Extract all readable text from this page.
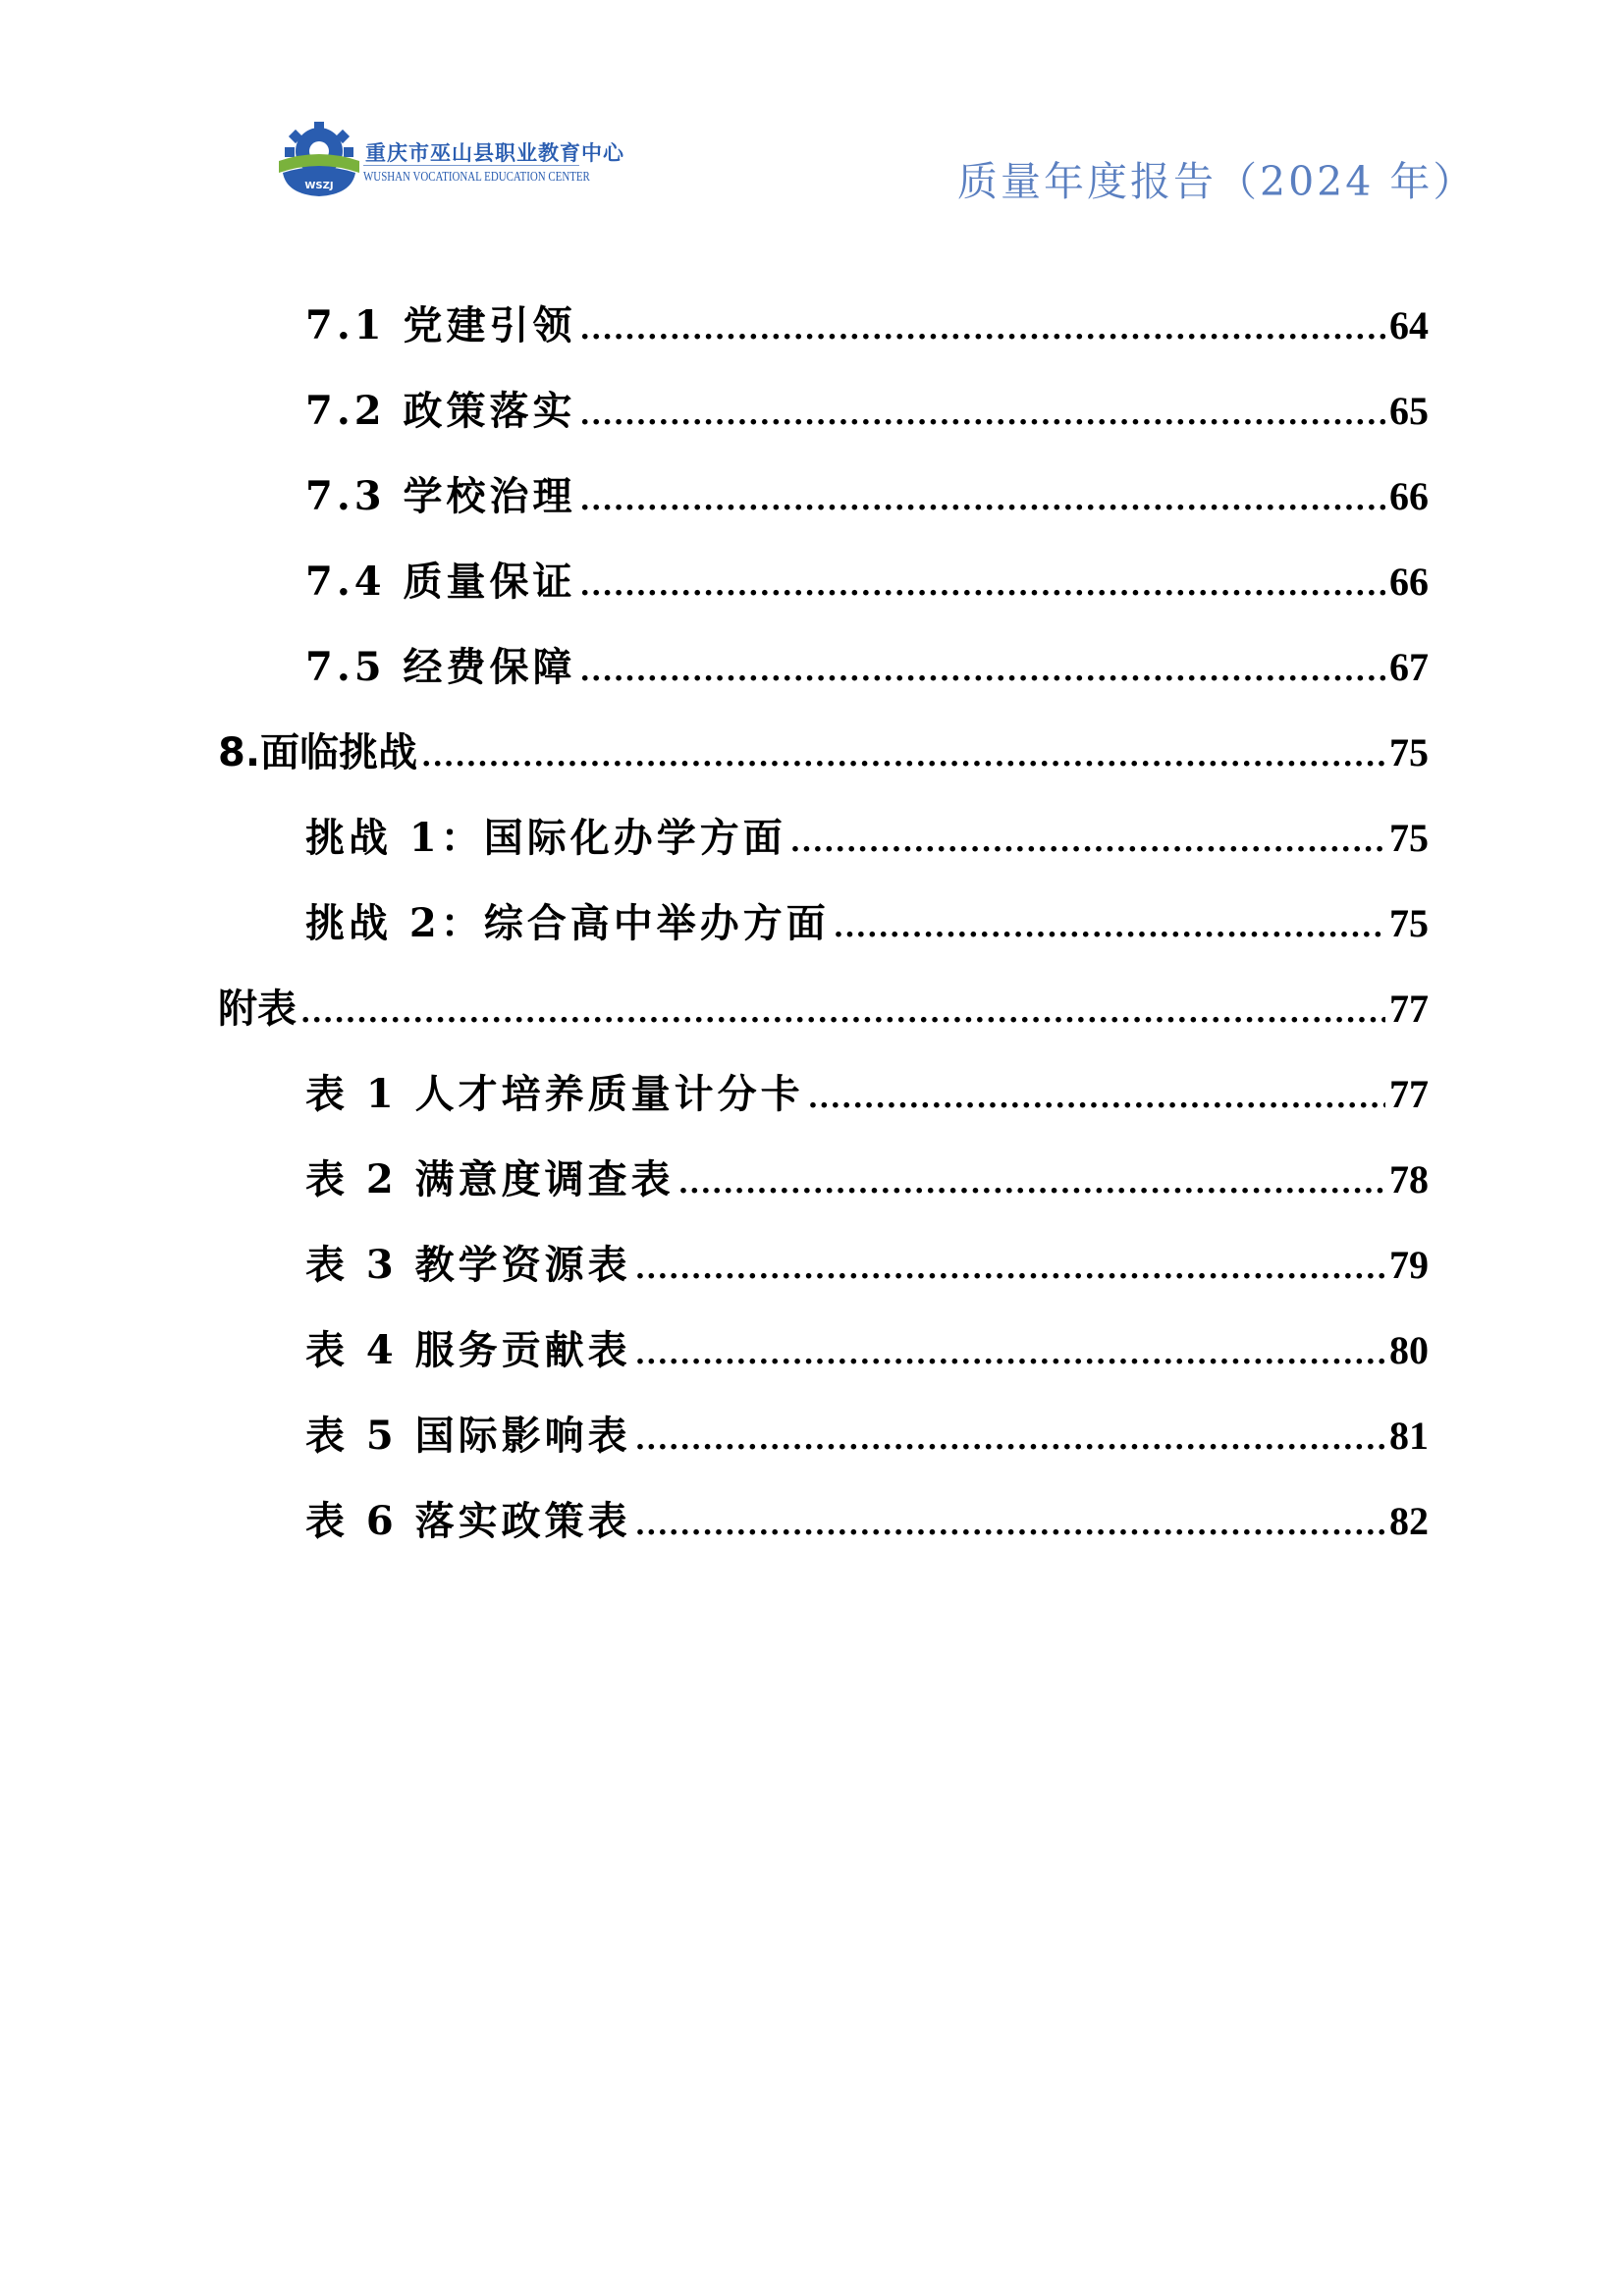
WSZJ
重庆市巫山县职业教育中心
WUSHAN VOCATIONAL EDUCATION CENTER	质量年度报告（2024 年）
7.1 党建引领 .....	64
7.2 政策落实 .....	65
7.3 学校治理 .....	66
7.4 质量保证 .....	66
7.5 经费保障 .....	67
8.面临挑战 .....	75
挑战 1：国际化办学方面 .....	75
挑战 2：综合高中举办方面 .....	75
附表 .....	77
表 1 人才培养质量计分卡 .....	77
表 2 满意度调查表 .....	78
表 3 教学资源表 .....	79
表 4 服务贡献表 .....	80
表 5 国际影响表 .....	81
表 6 落实政策表 .....	82
